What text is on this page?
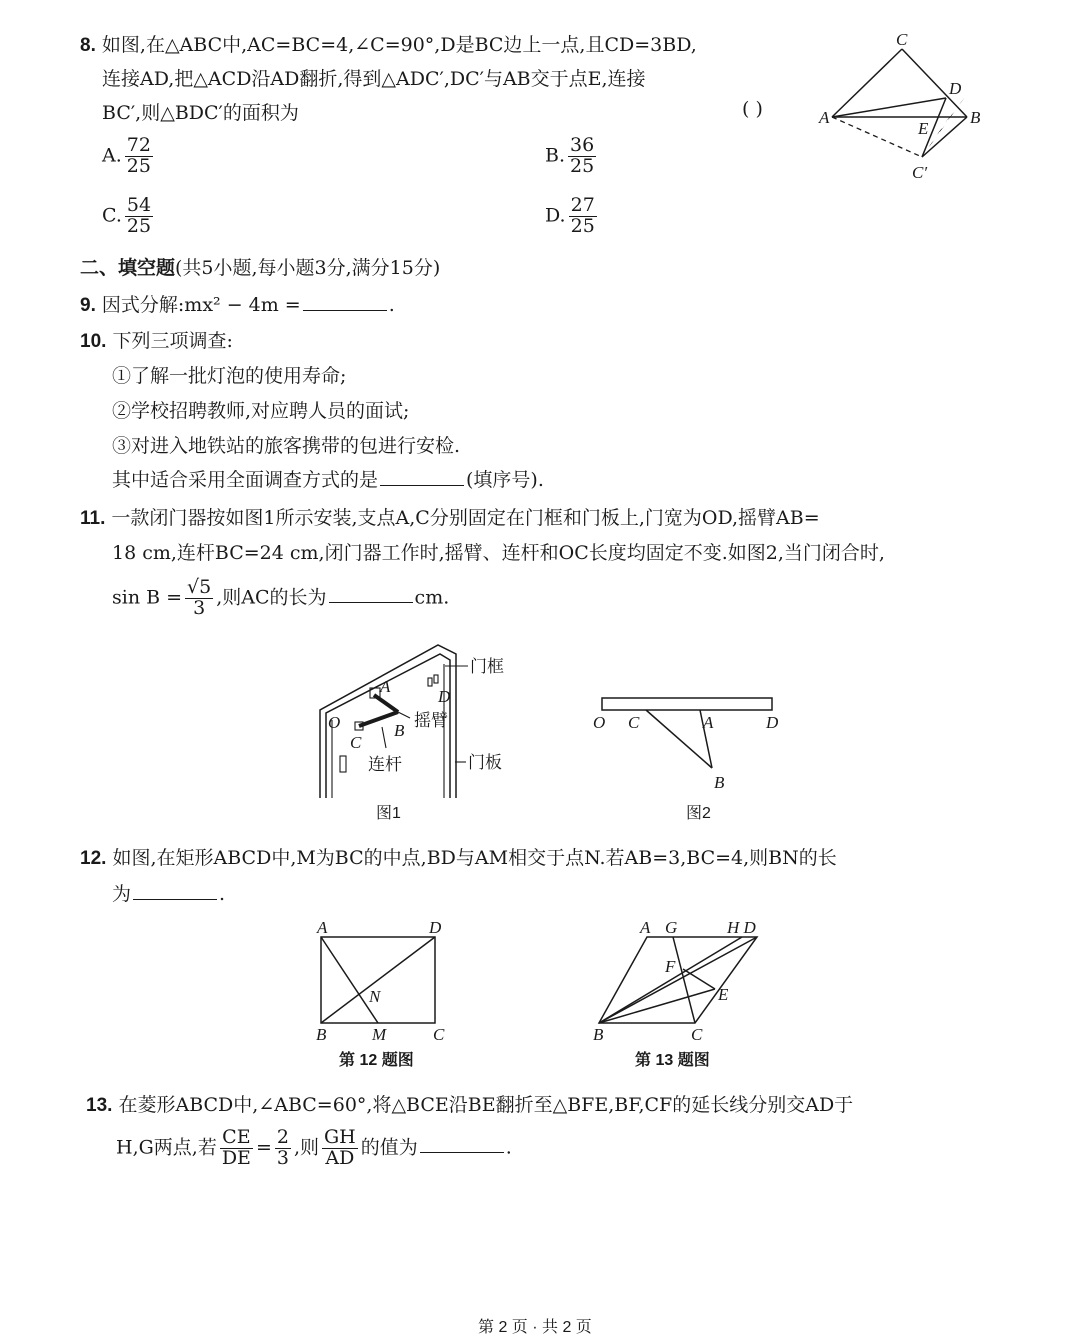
8. 如图,在△ABC中,AC=BC=4,∠C=90°,D是BC边上一点,且CD=3BD,
连接AD,把△ACD沿AD翻折,得到△ADC′,DC′与AB交于点E,连接
BC′,则△BDC′的面积为	( )
A. $\frac{72}{25}$	B. $\frac{36}{25}$
C. $\frac{54}{25}$	D. $\frac{27}{25}$
C
D
A	B
E
C′
二、填空题(共5小题,每小题3分,满分15分)
9. 因式分解:mx² − 4m =	.
10. 下列三项调查:
①了解一批灯泡的使用寿命;
②学校招聘教师,对应聘人员的面试;
③对进入地铁站的旅客携带的包进行安检.
其中适合采用全面调查方式的是	(填序号).
11. 一款闭门器按如图1所示安装,支点A,C分别固定在门框和门板上,门宽为OD,摇臂AB=
18 cm,连杆BC=24 cm,闭门器工作时,摇臂、连杆和OC长度均固定不变.如图2,当门闭合时,
$\sin B = \frac{√5}{3}$ ,则AC的长为	cm.
门框
摇臂
连杆	门板
A
D
O
C
B
图1
O C	A	D
B
图2
12. 如图,在矩形ABCD中,M为BC的中点,BD与AM相交于点N.若AB=3,BC=4,则BN的长
为	.
A	D
B	M	C
N
第 12 题图
A G	H D
F
E
B	C
第 13 题图
13. 在菱形ABCD中,∠ABC=60°,将△BCE沿BE翻折至△BFE,BF,CF的延长线分别交AD于
H,G两点,若 $\frac{CE}{DE} = \frac{2}{3}$ ,则 $\frac{GH}{AD}$ 的值为	.
第 2 页 · 共 2 页
